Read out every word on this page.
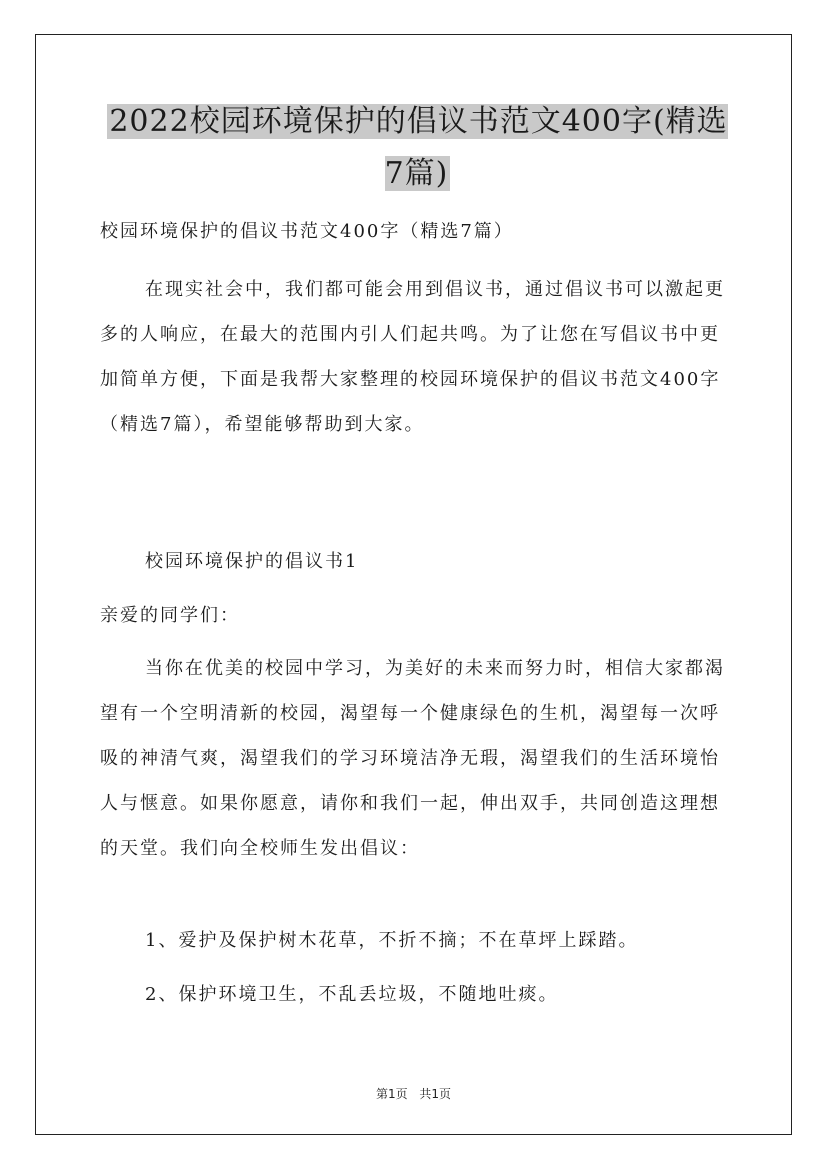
2022校园环境保护的倡议书范文400字(精选7篇)
校园环境保护的倡议书范文400字（精选7篇）
在现实社会中，我们都可能会用到倡议书，通过倡议书可以激起更多的人响应，在最大的范围内引人们起共鸣。为了让您在写倡议书中更加简单方便，下面是我帮大家整理的校园环境保护的倡议书范文400字（精选7篇），希望能够帮助到大家。
校园环境保护的倡议书1
亲爱的同学们：
当你在优美的校园中学习，为美好的未来而努力时，相信大家都渴望有一个空明清新的校园，渴望每一个健康绿色的生机，渴望每一次呼吸的神清气爽，渴望我们的学习环境洁净无瑕，渴望我们的生活环境怡人与惬意。如果你愿意，请你和我们一起，伸出双手，共同创造这理想的天堂。我们向全校师生发出倡议：
1、爱护及保护树木花草，不折不摘；不在草坪上踩踏。
2、保护环境卫生，不乱丢垃圾，不随地吐痰。
第1页 共1页
